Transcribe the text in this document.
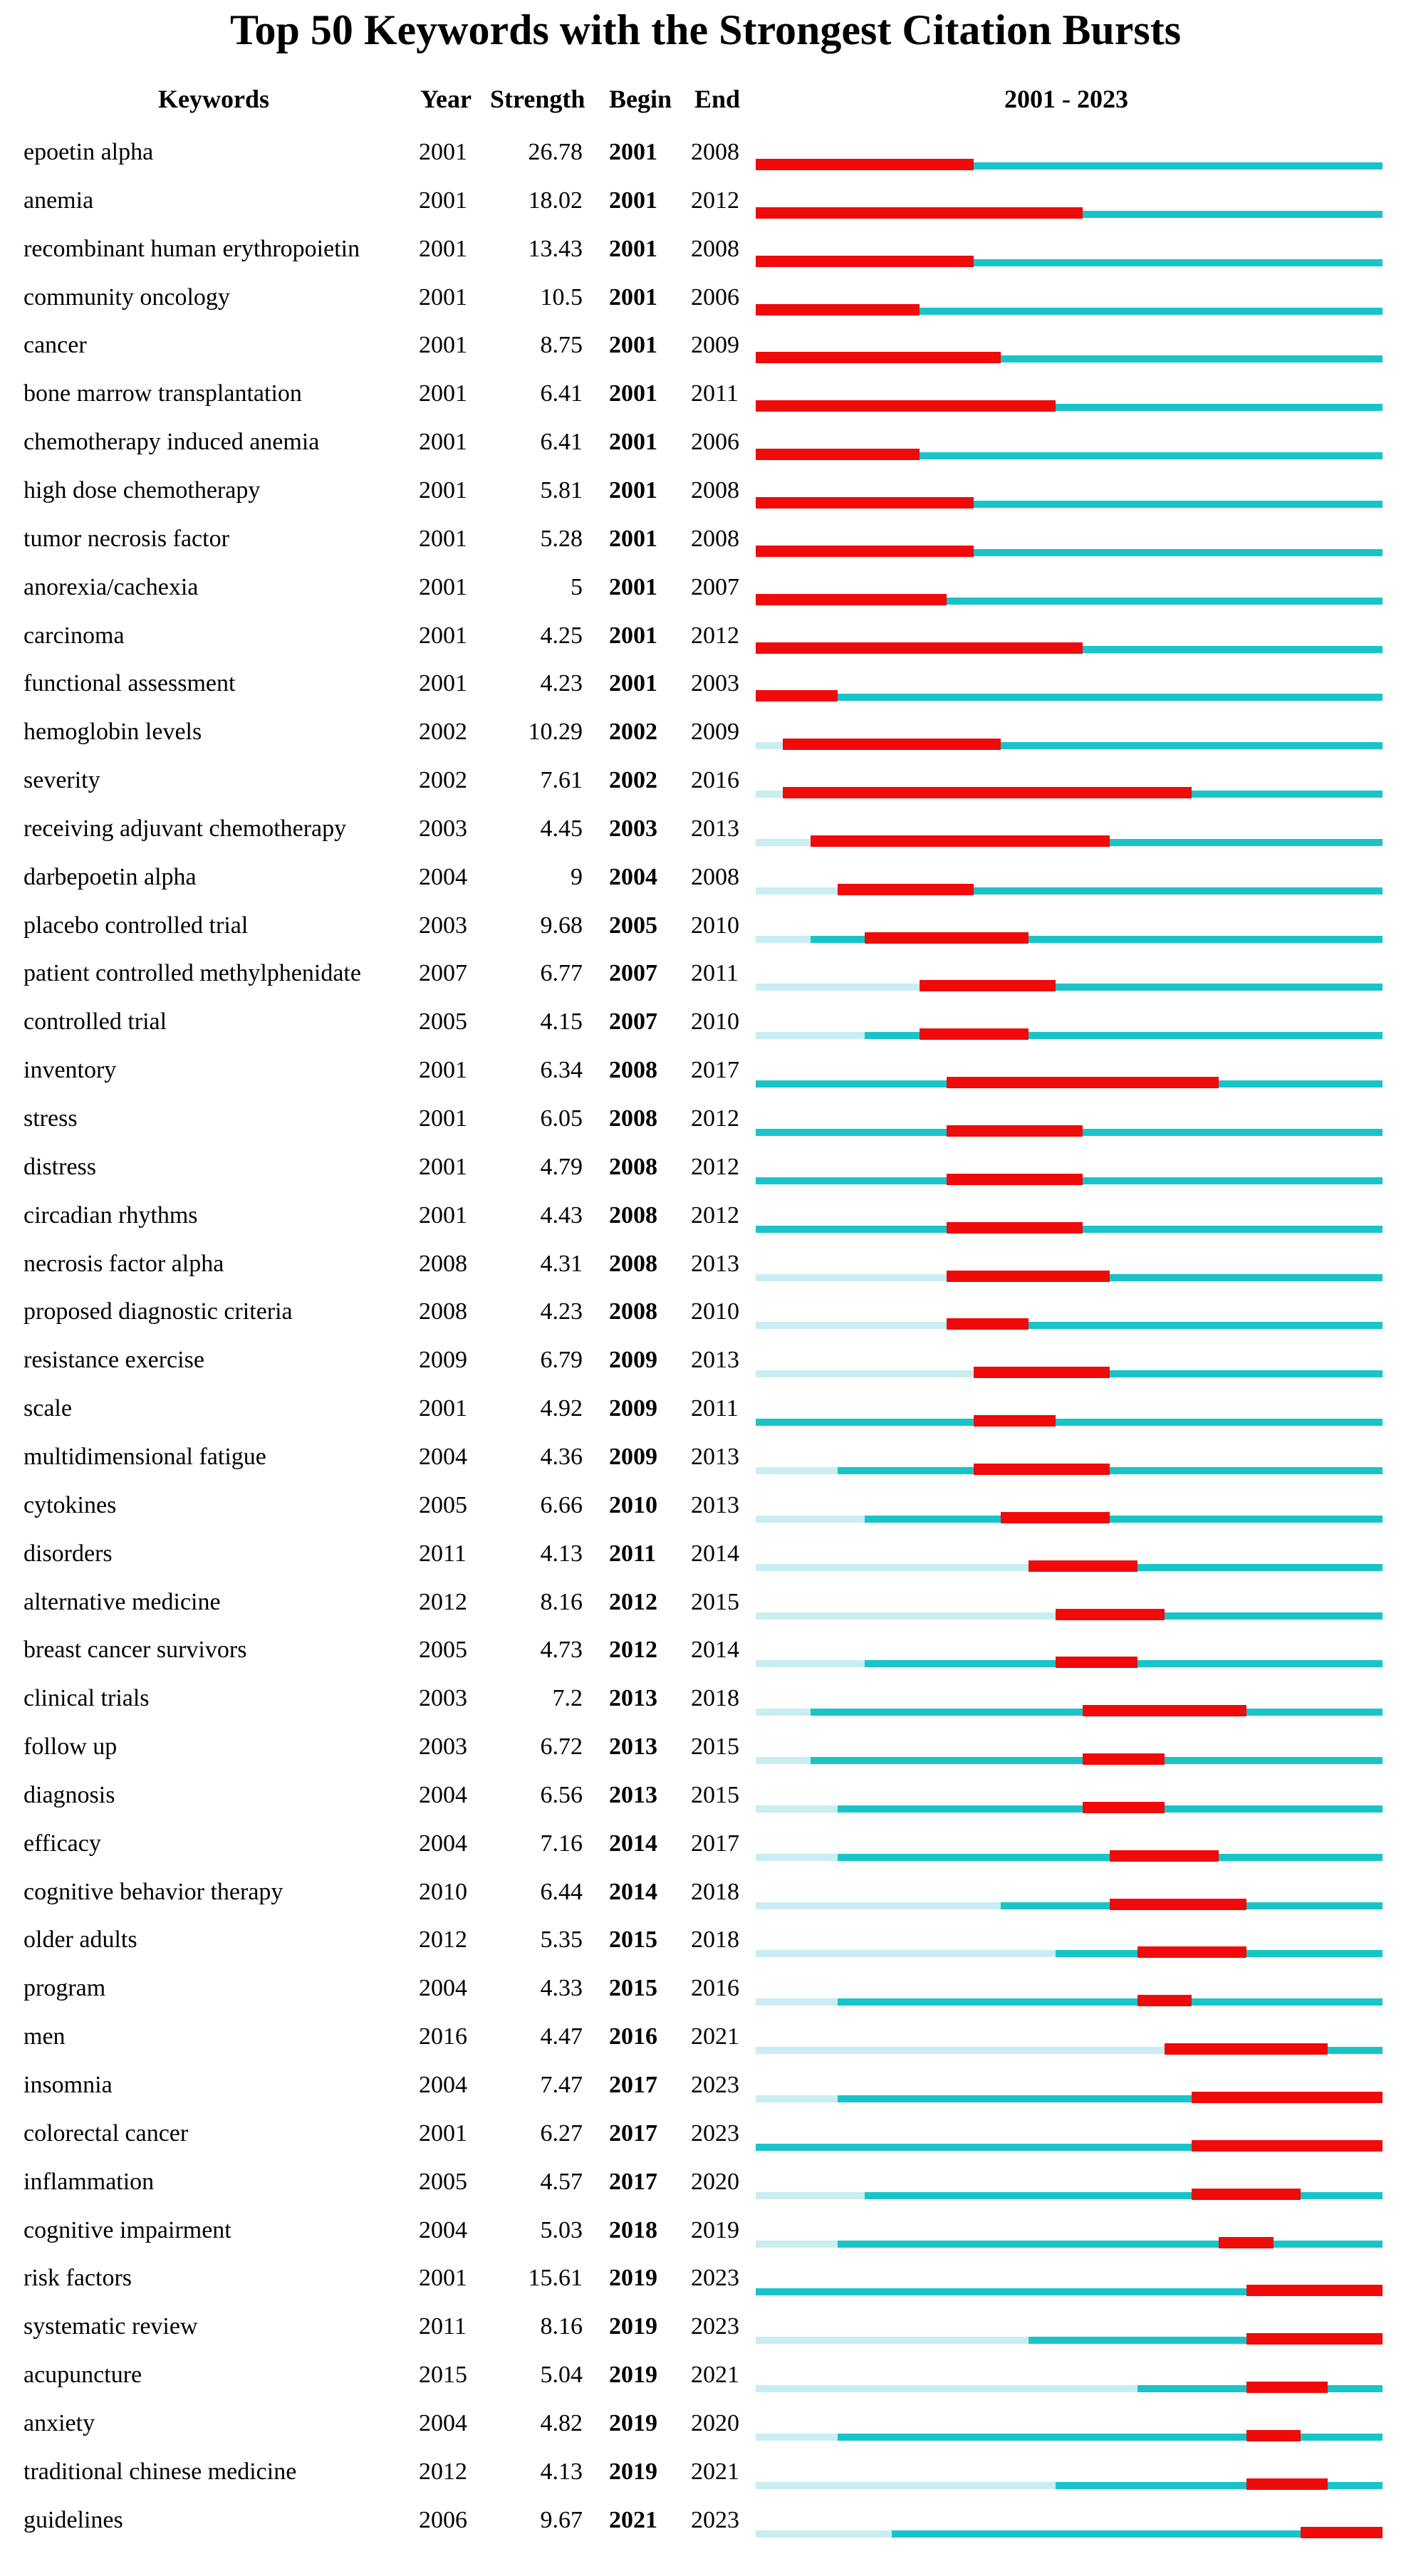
Top 50 Keywords with the Strongest Citation Bursts
Keywords	Year Strength Begin End	2001 - 2023
epoetin alpha	2001	26.78 2001 2008
anemia	2001	18.02 2001 2012
recombinant human erythropoietin 2001	13.43 2001 2008
community oncology	2001	10.5 2001 2006
cancer	2001	8.75 2001 2009
bone marrow transplantation	2001	6.41 2001 2011
chemotherapy induced anemia	2001	6.41 2001 2006
high dose chemotherapy	2001	5.81 2001 2008
tumor necrosis factor	2001	5.28 2001 2008
anorexia/cachexia	2001	5 2001 2007
carcinoma	2001	4.25 2001 2012
functional assessment	2001	4.23 2001 2003
hemoglobin levels	2002	10.29 2002 2009
severity	2002	7.61 2002 2016
receiving adjuvant chemotherapy	2003	4.45 2003 2013
darbepoetin alpha	2004	9 2004 2008
placebo controlled trial	2003	9.68 2005 2010
patient controlled methylphenidate 2007	6.77 2007 2011
controlled trial	2005	4.15 2007 2010
inventory	2001	6.34 2008 2017
stress	2001	6.05 2008 2012
distress	2001	4.79 2008 2012
circadian rhythms	2001	4.43 2008 2012
necrosis factor alpha	2008	4.31 2008 2013
proposed diagnostic criteria	2008	4.23 2008 2010
resistance exercise	2009	6.79 2009 2013
scale	2001	4.92 2009 2011
multidimensional fatigue	2004	4.36 2009 2013
cytokines	2005	6.66 2010 2013
disorders	2011	4.13 2011 2014
alternative medicine	2012	8.16 2012 2015
breast cancer survivors	2005	4.73 2012 2014
clinical trials	2003	7.2 2013 2018
follow up	2003	6.72 2013 2015
diagnosis	2004	6.56 2013 2015
efficacy	2004	7.16 2014 2017
cognitive behavior therapy	2010	6.44 2014 2018
older adults	2012	5.35 2015 2018
program	2004	4.33 2015 2016
men	2016	4.47 2016 2021
insomnia	2004	7.47 2017 2023
colorectal cancer	2001	6.27 2017 2023
inflammation	2005	4.57 2017 2020
cognitive impairment	2004	5.03 2018 2019
risk factors	2001	15.61 2019 2023
systematic review	2011	8.16 2019 2023
acupuncture	2015	5.04 2019 2021
anxiety	2004	4.82 2019 2020
traditional chinese medicine	2012	4.13 2019 2021
guidelines	2006	9.67 2021 2023
